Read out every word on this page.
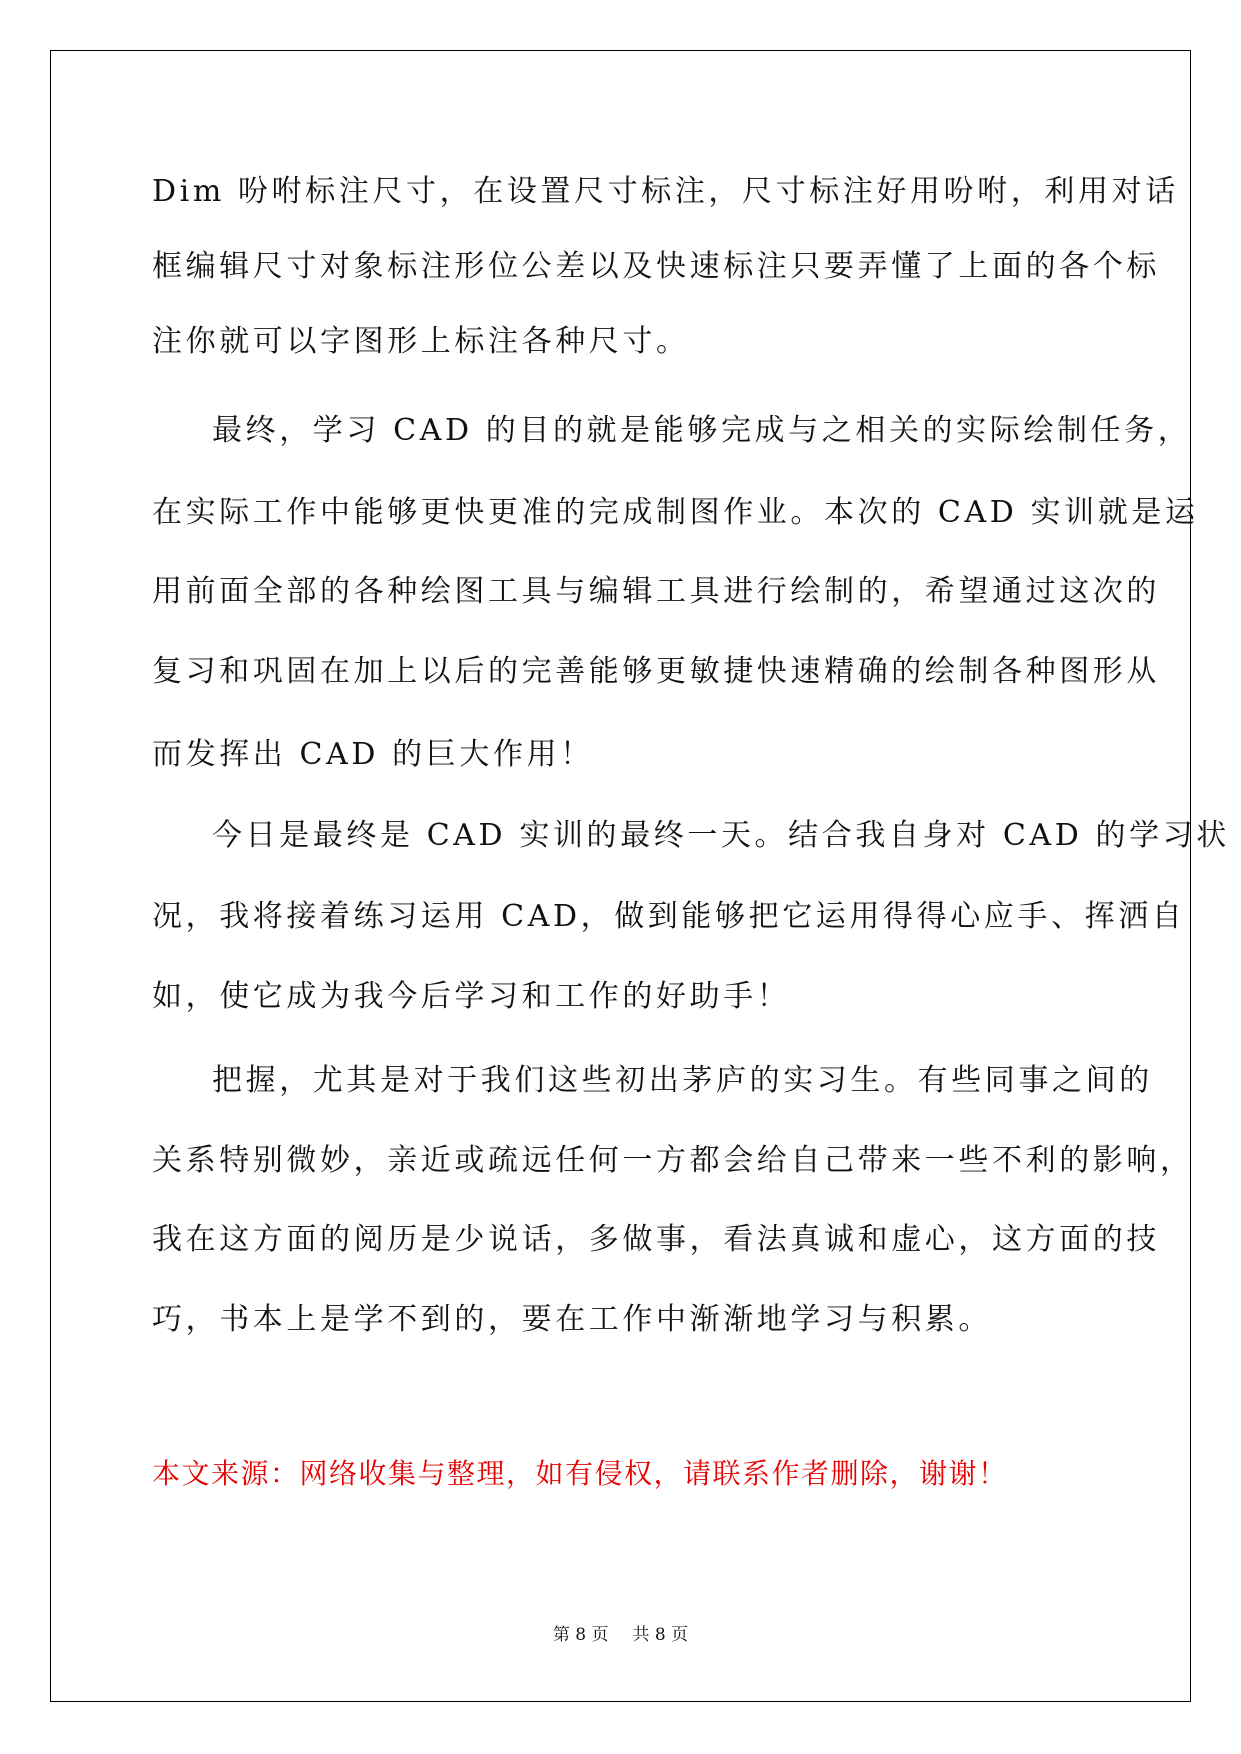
Dim 吩咐标注尺寸，在设置尺寸标注，尺寸标注好用吩咐，利用对话
框编辑尺寸对象标注形位公差以及快速标注只要弄懂了上面的各个标
注你就可以字图形上标注各种尺寸。
最终，学习 CAD 的目的就是能够完成与之相关的实际绘制任务，
在实际工作中能够更快更准的完成制图作业。本次的 CAD 实训就是运
用前面全部的各种绘图工具与编辑工具进行绘制的，希望通过这次的
复习和巩固在加上以后的完善能够更敏捷快速精确的绘制各种图形从
而发挥出 CAD 的巨大作用！
今日是最终是 CAD 实训的最终一天。结合我自身对 CAD 的学习状
况，我将接着练习运用 CAD，做到能够把它运用得得心应手、挥洒自
如，使它成为我今后学习和工作的好助手！
把握，尤其是对于我们这些初出茅庐的实习生。有些同事之间的
关系特别微妙，亲近或疏远任何一方都会给自己带来一些不利的影响，
我在这方面的阅历是少说话，多做事，看法真诚和虚心，这方面的技
巧，书本上是学不到的，要在工作中渐渐地学习与积累。
本文来源：网络收集与整理，如有侵权，请联系作者删除，谢谢！
第 8 页 共 8 页
